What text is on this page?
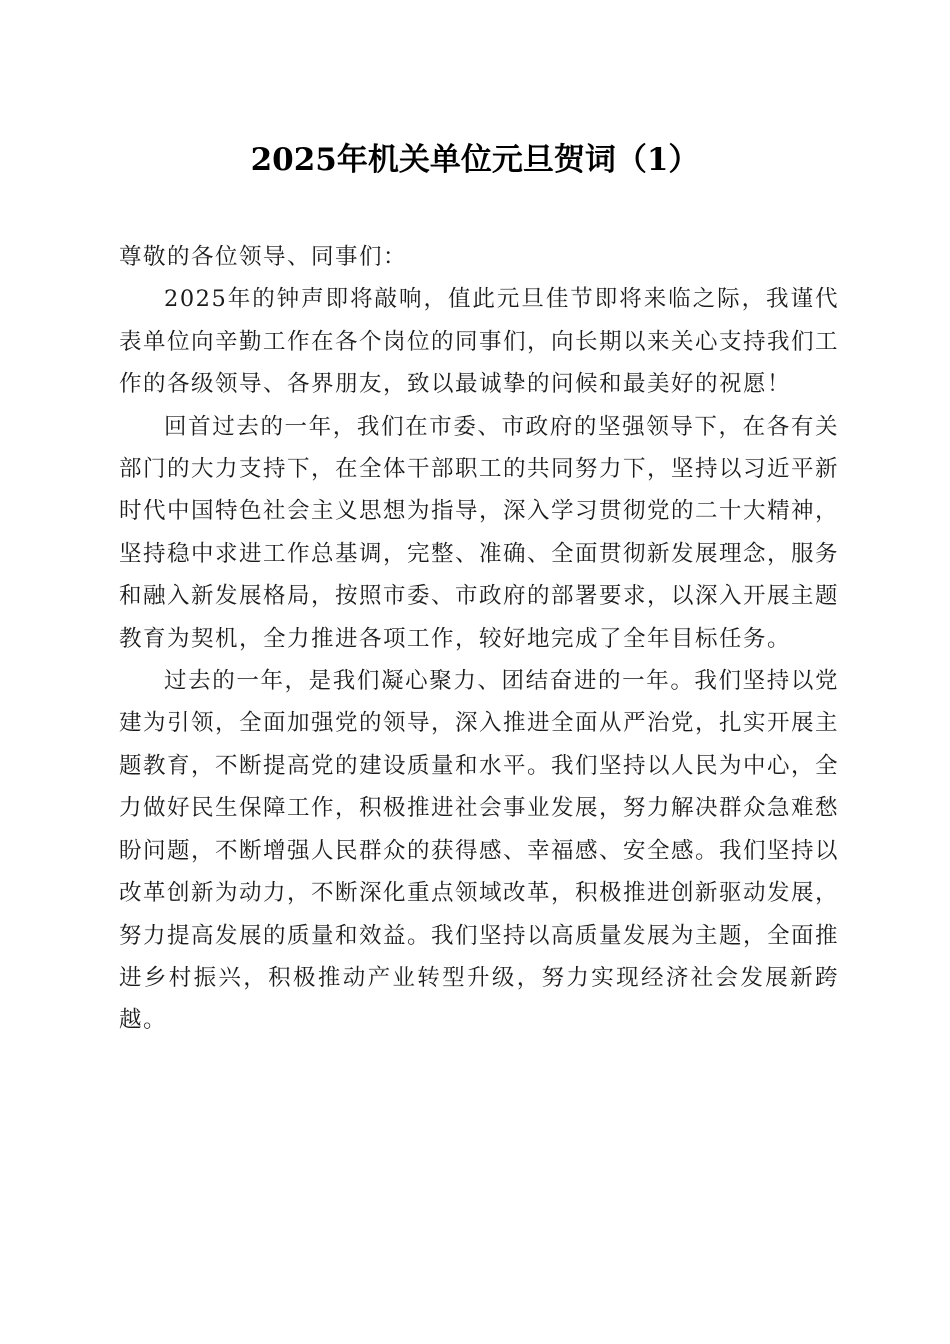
2025年机关单位元旦贺词（1）

尊敬的各位领导、同事们：

2025年的钟声即将敲响，值此元旦佳节即将来临之际，我谨代表单位向辛勤工作在各个岗位的同事们，向长期以来关心支持我们工作的各级领导、各界朋友，致以最诚挚的问候和最美好的祝愿！

回首过去的一年，我们在市委、市政府的坚强领导下，在各有关部门的大力支持下，在全体干部职工的共同努力下，坚持以习近平新时代中国特色社会主义思想为指导，深入学习贯彻党的二十大精神，坚持稳中求进工作总基调，完整、准确、全面贯彻新发展理念，服务和融入新发展格局，按照市委、市政府的部署要求，以深入开展主题教育为契机，全力推进各项工作，较好地完成了全年目标任务。

过去的一年，是我们凝心聚力、团结奋进的一年。我们坚持以党建为引领，全面加强党的领导，深入推进全面从严治党，扎实开展主题教育，不断提高党的建设质量和水平。我们坚持以人民为中心，全力做好民生保障工作，积极推进社会事业发展，努力解决群众急难愁盼问题，不断增强人民群众的获得感、幸福感、安全感。我们坚持以改革创新为动力，不断深化重点领域改革，积极推进创新驱动发展，努力提高发展的质量和效益。我们坚持以高质量发展为主题，全面推进乡村振兴，积极推动产业转型升级，努力实现经济社会发展新跨越。
